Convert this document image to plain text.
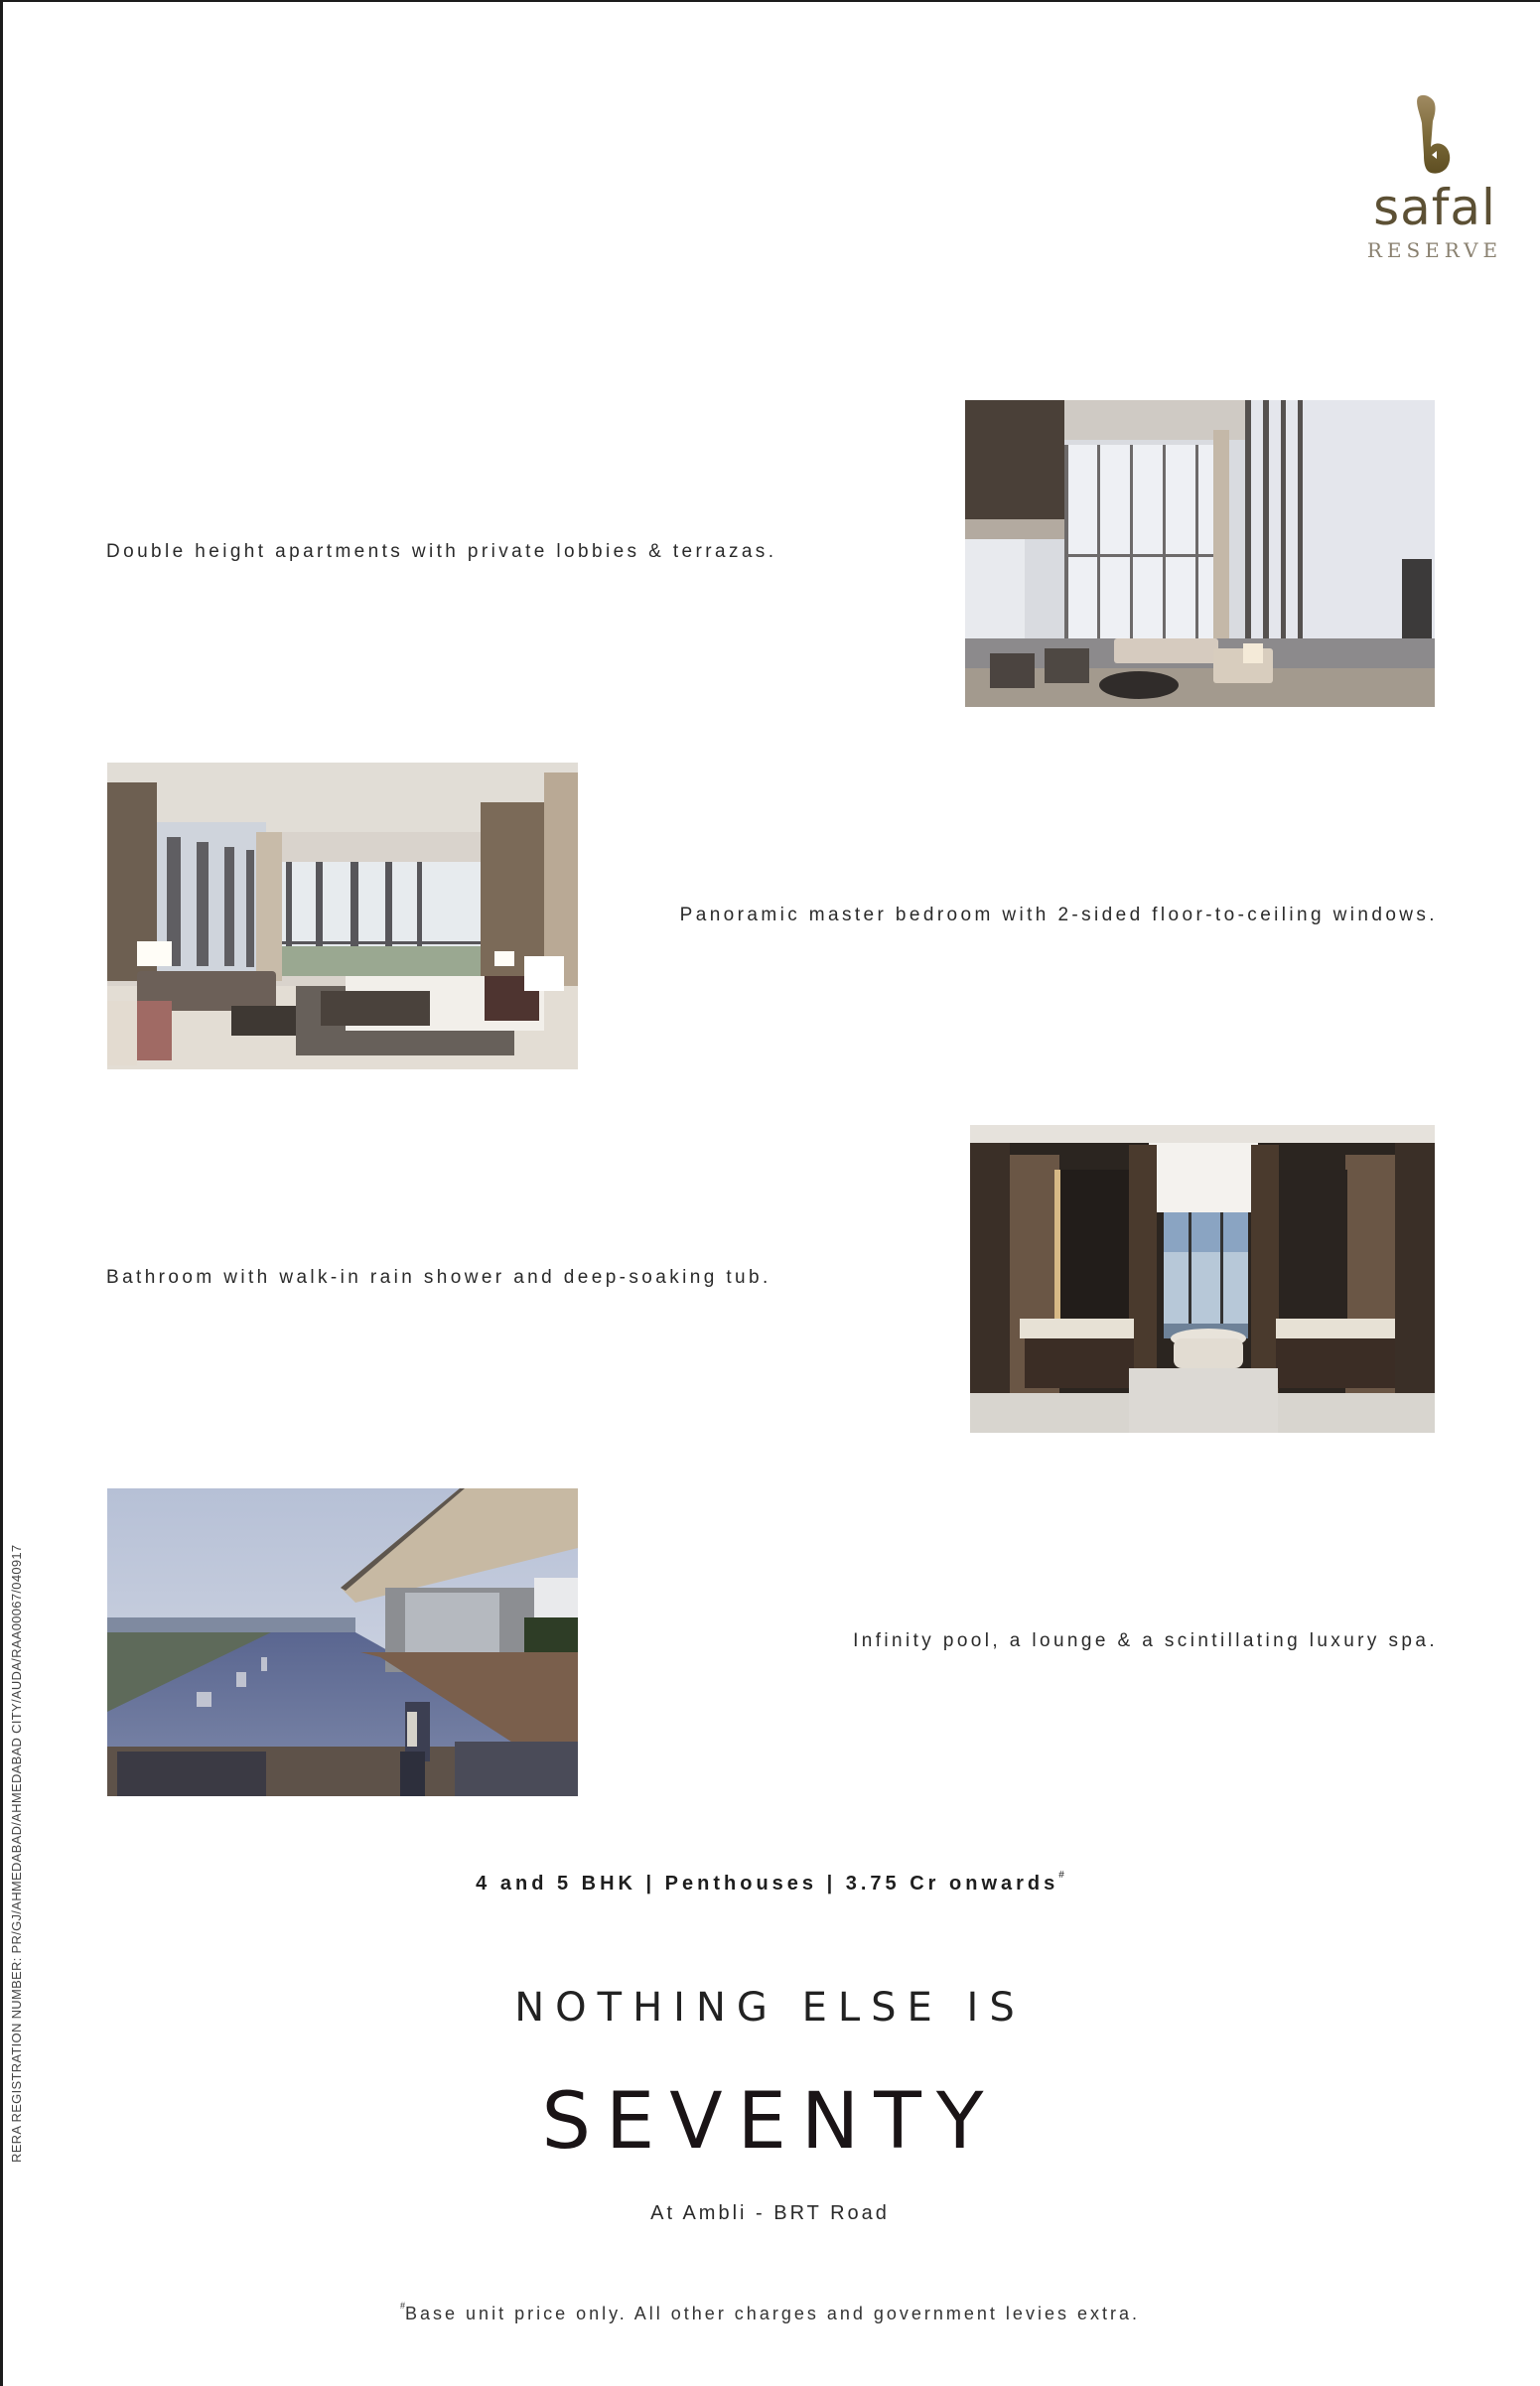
safal
RESERVE
Double height apartments with private lobbies & terrazas.
Panoramic master bedroom with 2-sided floor-to-ceiling windows.
Bathroom with walk-in rain shower and deep-soaking tub.
Infinity pool, a lounge & a scintillating luxury spa.
4 and 5 BHK | Penthouses | 3.75 Cr onwards#
NOTHING ELSE IS
SEVENTY
At Ambli - BRT Road
#Base unit price only. All other charges and government levies extra.
RERA REGISTRATION NUMBER: PR/GJ/AHMEDABAD/AHMEDABAD CITY/AUDA/RAA00067/040917
